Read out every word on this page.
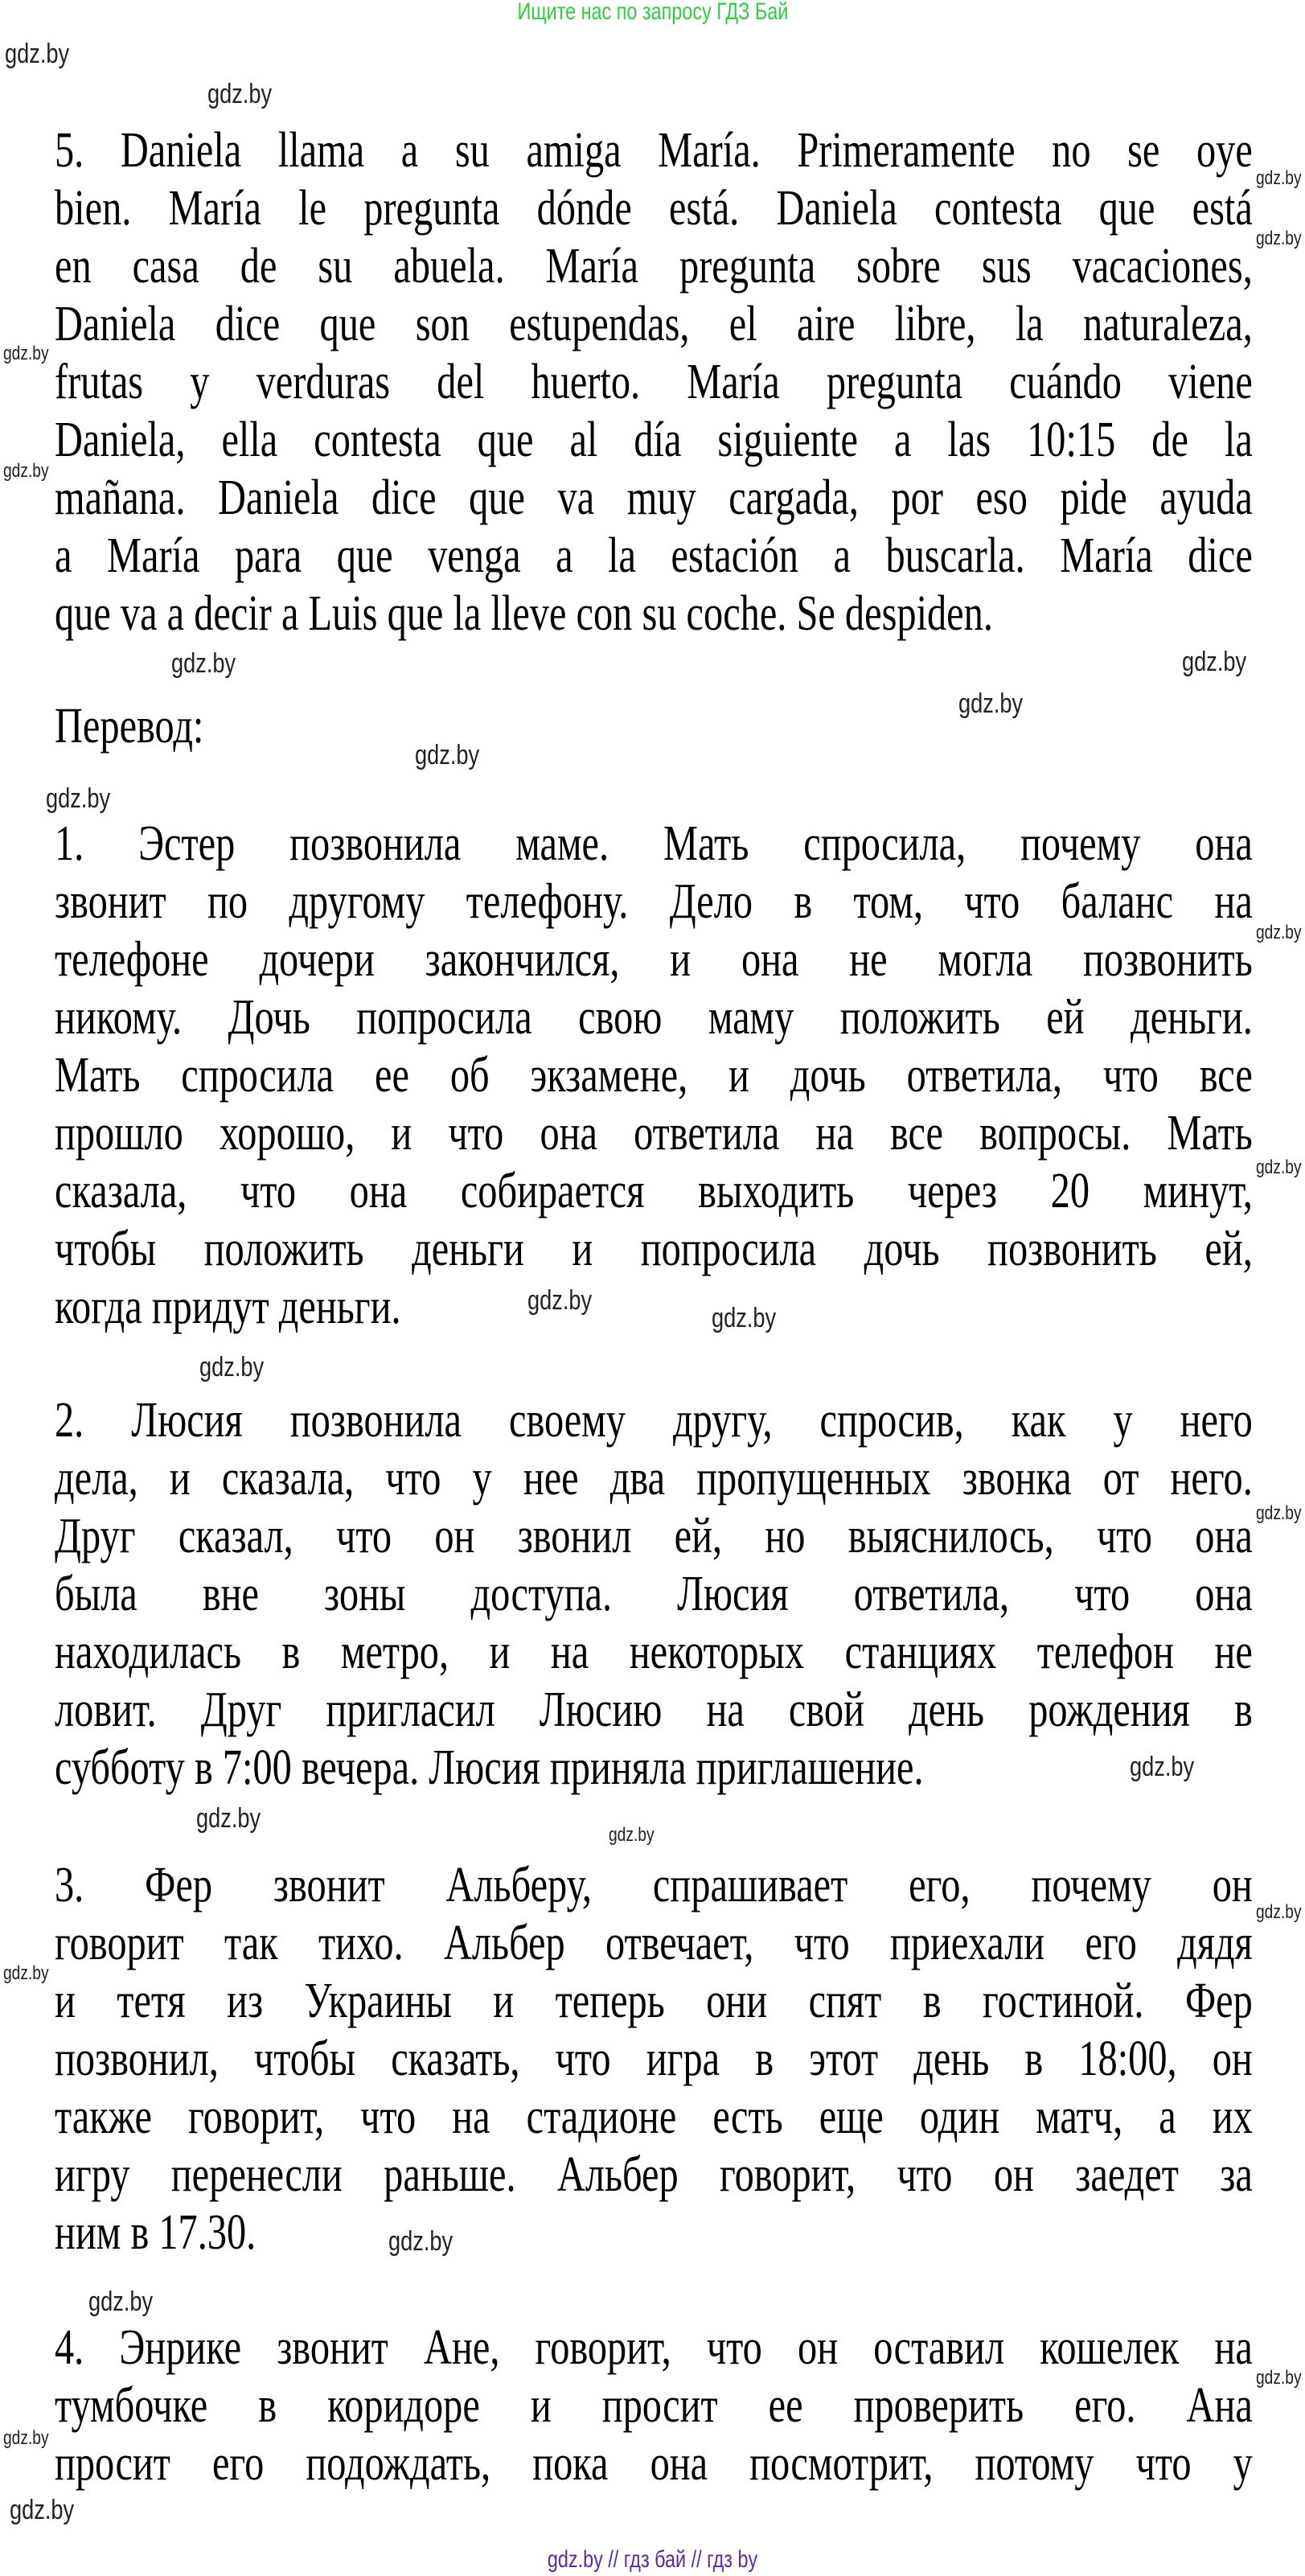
Ищите нас по запросу ГДЗ Бай
5. Daniela llama a su amiga María. Primeramente no se oye
bien. María le pregunta dónde está. Daniela contesta que está
en casa de su abuela. María pregunta sobre sus vacaciones,
Daniela dice que son estupendas, el aire libre, la naturaleza,
frutas y verduras del huerto. María pregunta cuándo viene
Daniela, ella contesta que al día siguiente a las 10:15 de la
mañana. Daniela dice que va muy cargada, por eso pide ayuda
a María para que venga a la estación a buscarla. María dice
que va a decir a Luis que la lleve con su coche. Se despiden.
Перевод:
1. Эстер позвонила маме. Мать спросила, почему она
звонит по другому телефону. Дело в том, что баланс на
телефоне дочери закончился, и она не могла позвонить
никому. Дочь попросила свою маму положить ей деньги.
Мать спросила ее об экзамене, и дочь ответила, что все
прошло хорошо, и что она ответила на все вопросы. Мать
сказала, что она собирается выходить через 20 минут,
чтобы положить деньги и попросила дочь позвонить ей,
когда придут деньги.
2. Люсия позвонила своему другу, спросив, как у него
дела, и сказала, что у нее два пропущенных звонка от него.
Друг сказал, что он звонил ей, но выяснилось, что она
была вне зоны доступа. Люсия ответила, что она
находилась в метро, и на некоторых станциях телефон не
ловит. Друг пригласил Люсию на свой день рождения в
субботу в 7:00 вечера. Люсия приняла приглашение.
3. Фер звонит Альберу, спрашивает его, почему он
говорит так тихо. Альбер отвечает, что приехали его дядя
и тетя из Украины и теперь они спят в гостиной. Фер
позвонил, чтобы сказать, что игра в этот день в 18:00, он
также говорит, что на стадионе есть еще один матч, а их
игру перенесли раньше. Альбер говорит, что он заедет за
ним в 17.30.
4. Энрике звонит Ане, говорит, что он оставил кошелек на
тумбочке в коридоре и просит ее проверить его. Ана
просит его подождать, пока она посмотрит, потому что у
gdz.by
gdz.by
gdz.by
gdz.by
gdz.by
gdz.by
gdz.by
gdz.by
gdz.by
gdz.by
gdz.by
gdz.by
gdz.by
gdz.by
gdz.by
gdz.by
gdz.by
gdz.by
gdz.by
gdz.by
gdz.by
gdz.by
gdz.by
gdz.by
gdz.by
gdz.by
gdz.by
gdz.by // гдз бай // гдз by
